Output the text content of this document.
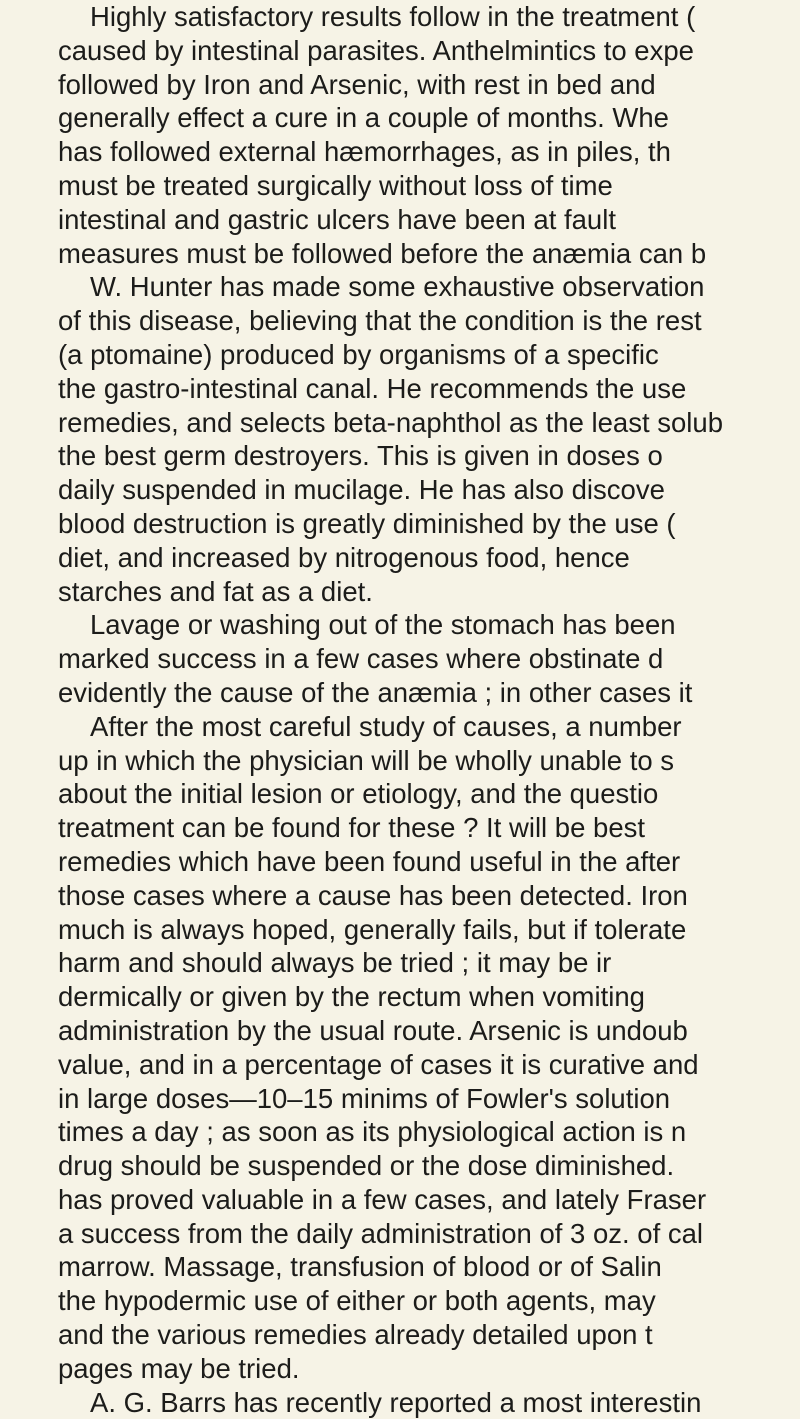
Highly satisfactory results follow in the treatment (
caused by intestinal parasites. Anthelmintics to expe
followed by Iron and Arsenic, with rest in bed and
generally effect a cure in a couple of months. Whe
has followed external hæmorrhages, as in piles, th
must be treated surgically without loss of time
intestinal and gastric ulcers have been at fault
measures must be followed before the anæmia can b
W. Hunter has made some exhaustive observation
of this disease, believing that the condition is the rest
(a ptomaine) produced by organisms of a specific
the gastro-intestinal canal. He recommends the use
remedies, and selects beta-naphthol as the least solub
the best germ destroyers. This is given in doses o
daily suspended in mucilage. He has also discove
blood destruction is greatly diminished by the use (
diet, and increased by nitrogenous food, hence
starches and fat as a diet.
Lavage or washing out of the stomach has been
marked success in a few cases where obstinate d
evidently the cause of the anæmia ; in other cases it
After the most careful study of causes, a number
up in which the physician will be wholly unable to s
about the initial lesion or etiology, and the questio
treatment can be found for these ? It will be best
remedies which have been found useful in the after
those cases where a cause has been detected. Iron
much is always hoped, generally fails, but if tolerate
harm and should always be tried ; it may be ir
dermically or given by the rectum when vomiting
administration by the usual route. Arsenic is undoub
value, and in a percentage of cases it is curative and
in large doses—10–15 minims of Fowler's solution
times a day ; as soon as its physiological action is n
drug should be suspended or the dose diminished.
has proved valuable in a few cases, and lately Fraser
a success from the daily administration of 3 oz. of cal
marrow. Massage, transfusion of blood or of Salin
the hypodermic use of either or both agents, may
and the various remedies already detailed upon t
pages may be tried.
A. G. Barrs has recently reported a most interestin
